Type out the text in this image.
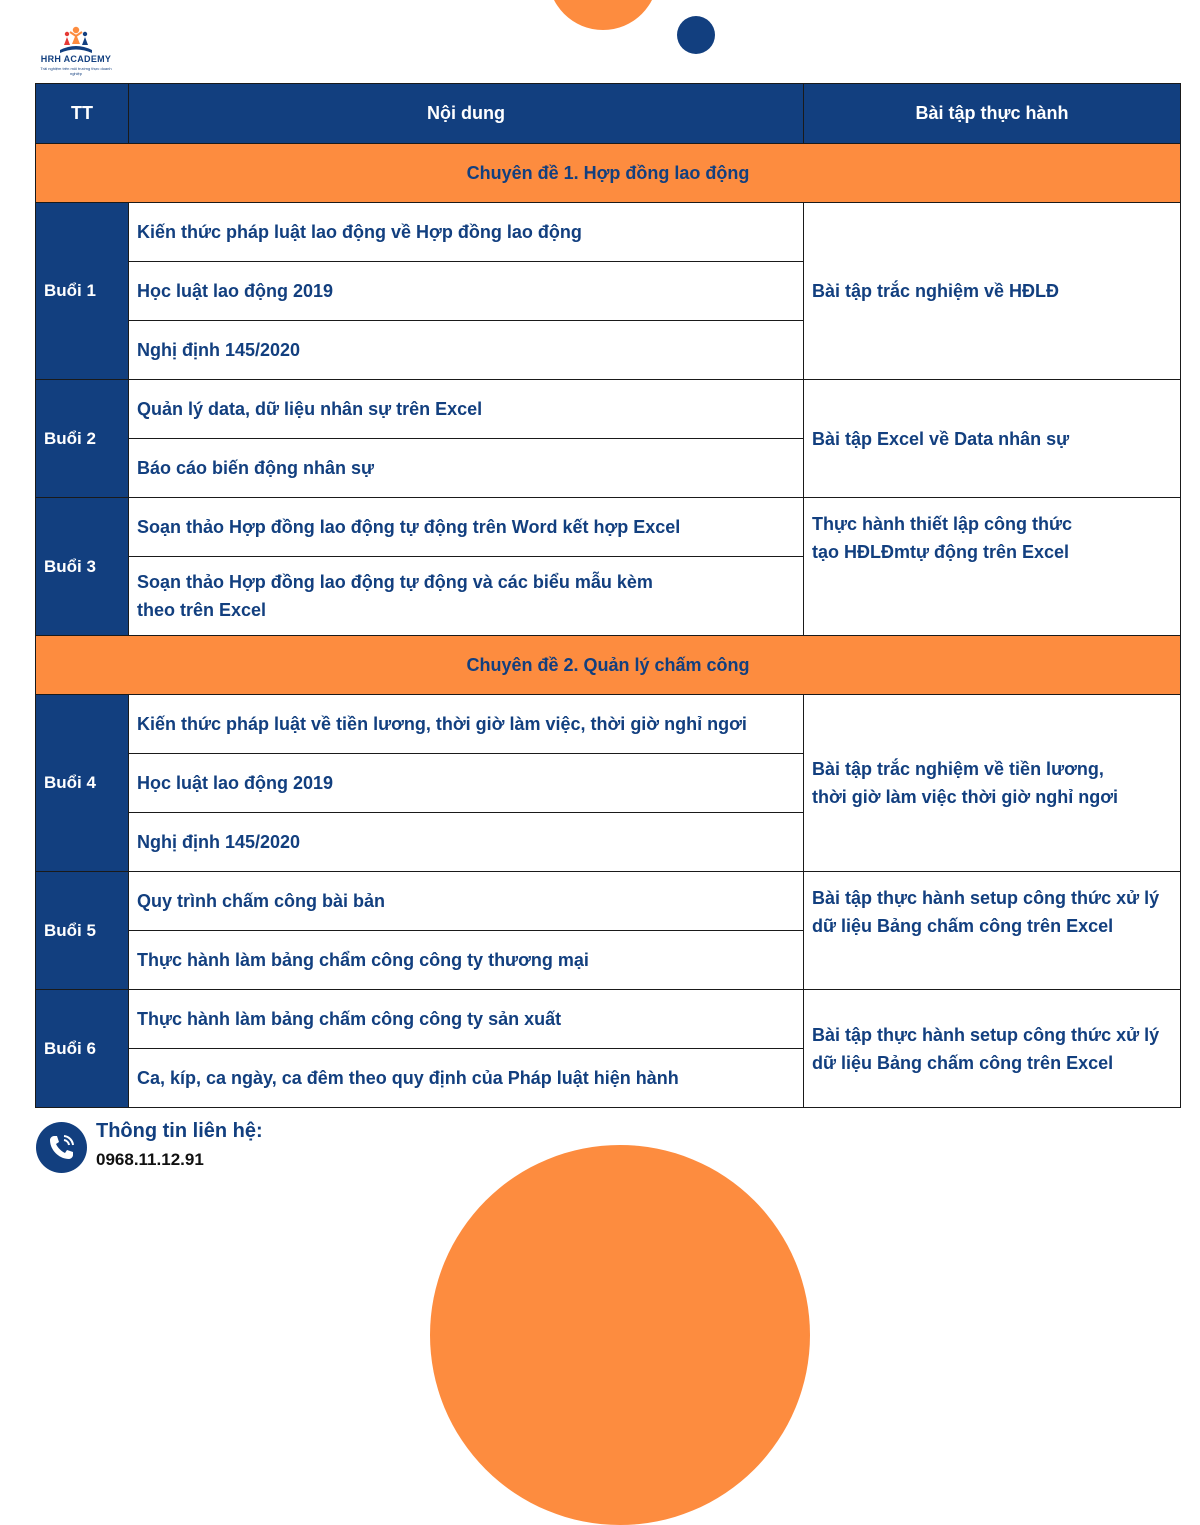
HRH ACADEMY
Trải nghiệm trên môi trường thực doanh nghiệp
TT	Nội dung	Bài tập thực hành
Chuyên đề 1. Hợp đồng lao động		
Buổi 1	Kiến thức pháp luật lao động về Hợp đồng lao động	Bài tập trắc nghiệm về HĐLĐ
	Học luật lao động 2019	
	Nghị định 145/2020	
Buổi 2	Quản lý data, dữ liệu nhân sự trên Excel	Bài tập Excel về Data nhân sự
	Báo cáo biến động nhân sự	
Buổi 3	Soạn thảo Hợp đồng lao động tự động trên Word kết hợp Excel	Thực hành thiết lập công thức
tạo HĐLĐmtự động trên Excel
	Soạn thảo Hợp đồng lao động tự động và các biểu mẫu kèm
theo trên Excel	
Chuyên đề 2. Quản lý chấm công		
Buổi 4	Kiến thức pháp luật về tiền lương, thời giờ làm việc, thời giờ nghỉ ngơi	Bài tập trắc nghiệm về tiền lương,
thời giờ làm việc thời giờ nghỉ ngơi
	Học luật lao động 2019	
	Nghị định 145/2020	
Buổi 5	Quy trình chấm công bài bản	Bài tập thực hành setup công thức xử lý
dữ liệu Bảng chấm công trên Excel
	Thực hành làm bảng chẩm công công ty thương mại	
Buổi 6	Thực hành làm bảng chấm công công ty sản xuất	Bài tập thực hành setup công thức xử lý
dữ liệu Bảng chấm công trên Excel
	Ca, kíp, ca ngày, ca đêm theo quy định của Pháp luật hiện hành	
Thông tin liên hệ:
0968.11.12.91
